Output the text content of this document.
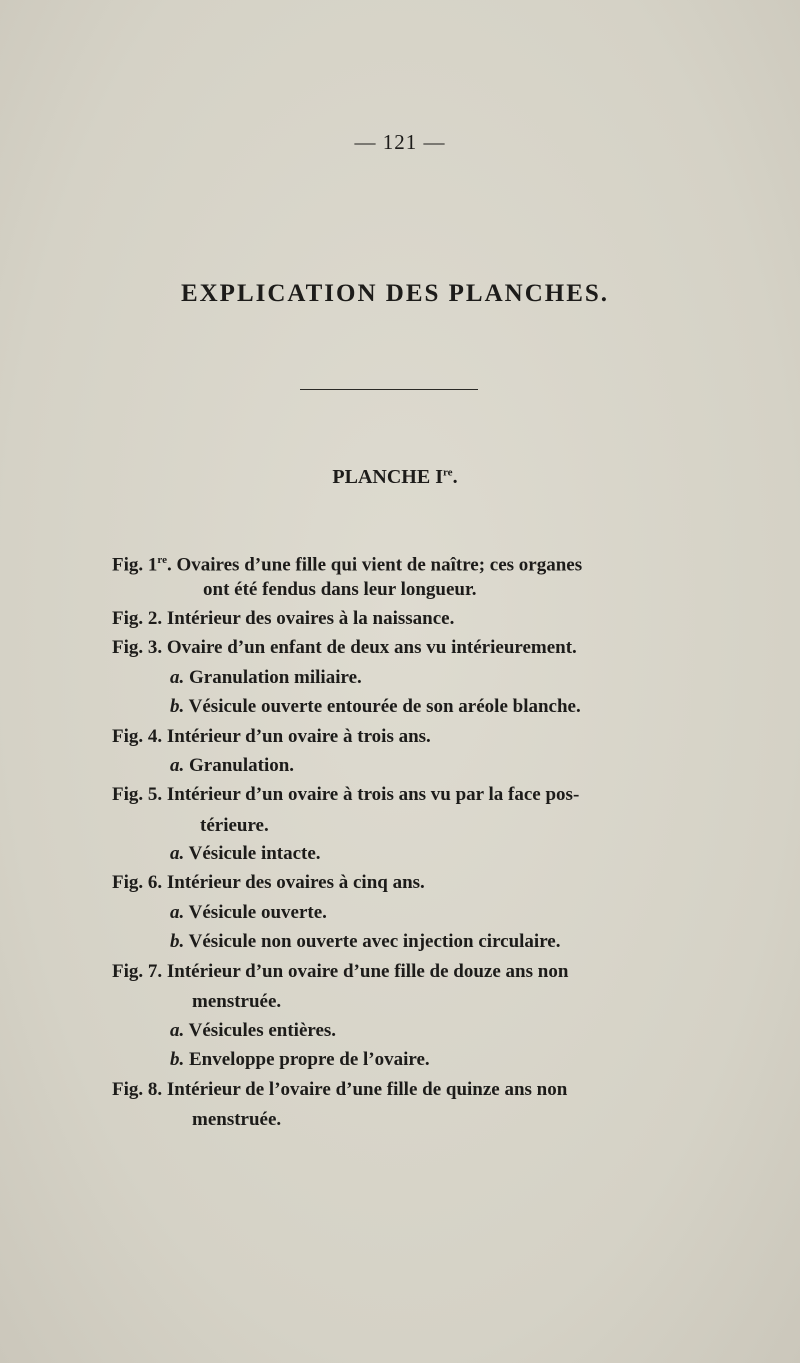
— 121 —
EXPLICATION DES PLANCHES.
PLANCHE Ire.
Fig. 1re. Ovaires d’une fille qui vient de naître; ces organes
ont été fendus dans leur longueur.
Fig. 2. Intérieur des ovaires à la naissance.
Fig. 3. Ovaire d’un enfant de deux ans vu intérieurement.
a. Granulation miliaire.
b. Vésicule ouverte entourée de son aréole blanche.
Fig. 4. Intérieur d’un ovaire à trois ans.
a. Granulation.
Fig. 5. Intérieur d’un ovaire à trois ans vu par la face pos-
térieure.
a. Vésicule intacte.
Fig. 6. Intérieur des ovaires à cinq ans.
a. Vésicule ouverte.
b. Vésicule non ouverte avec injection circulaire.
Fig. 7. Intérieur d’un ovaire d’une fille de douze ans non
menstruée.
a. Vésicules entières.
b. Enveloppe propre de l’ovaire.
Fig. 8. Intérieur de l’ovaire d’une fille de quinze ans non
menstruée.
